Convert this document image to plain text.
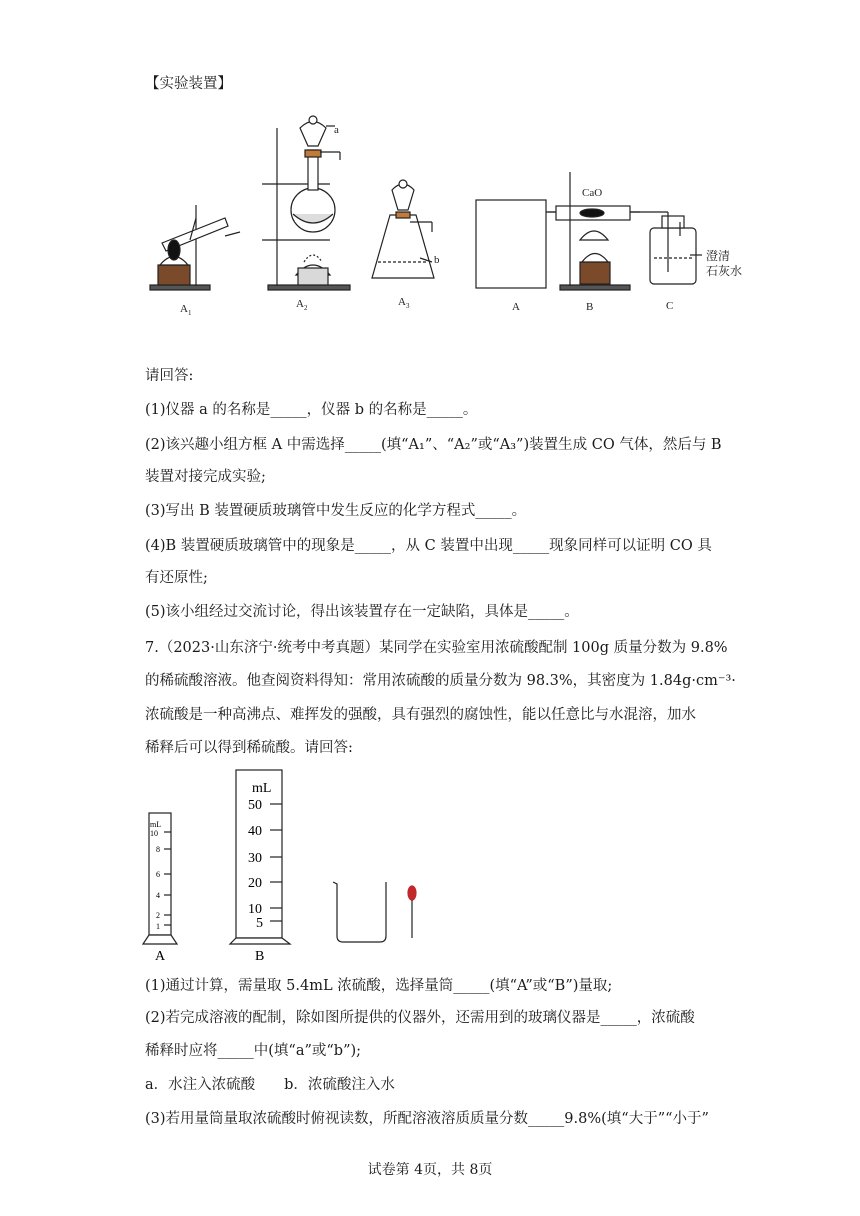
【实验装置】
a
b
CaO
澄清
石灰水
$A_1$
$A_2$	$A_3$	A	B	C
请回答:
(1)仪器 a 的名称是_____，仪器 b 的名称是_____。
(2)该兴趣小组方框 A 中需选择_____(填“A₁”、“A₂”或“A₃”)装置生成 CO 气体，然后与 B
装置对接完成实验;
(3)写出 B 装置硬质玻璃管中发生反应的化学方程式_____。
(4)B 装置硬质玻璃管中的现象是_____，从 C 装置中出现_____现象同样可以证明 CO 具
有还原性;
(5)该小组经过交流讨论，得出该装置存在一定缺陷，具体是_____。
7.（2023·山东济宁·统考中考真题）某同学在实验室用浓硫酸配制 100g 质量分数为 9.8%
的稀硫酸溶液。他查阅资料得知：常用浓硫酸的质量分数为 98.3%，其密度为 1.84g·cm⁻³·
浓硫酸是一种高沸点、难挥发的强酸，具有强烈的腐蚀性，能以任意比与水混溶，加水
稀释后可以得到稀硫酸。请回答:
mL
10
8
6
4
2
1
mL
50
40
30
20
10
5
A	B
(1)通过计算，需量取 5.4mL 浓硫酸，选择量筒_____(填“A”或“B”)量取;
(2)若完成溶液的配制，除如图所提供的仪器外，还需用到的玻璃仪器是_____，浓硫酸
稀释时应将_____中(填“a”或“b”);
a．水注入浓硫酸　　b．浓硫酸注入水
(3)若用量筒量取浓硫酸时俯视读数，所配溶液溶质质量分数_____9.8%(填“大于”“小于”
试卷第 4页，共 8页
